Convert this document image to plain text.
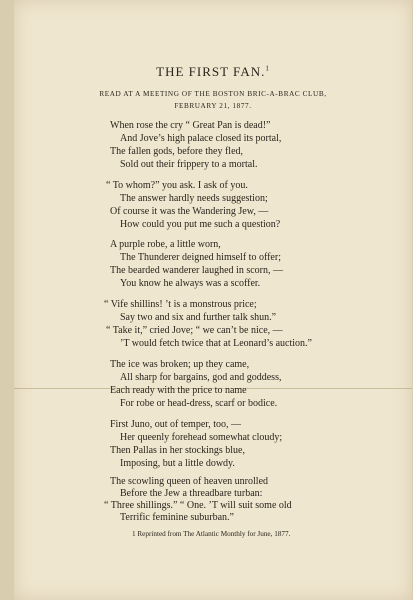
THE FIRST FAN.$^1$
READ AT A MEETING OF THE BOSTON BRIC-A-BRAC CLUB,
FEBRUARY 21, 1877.
When rose the cry “ Great Pan is dead!”
And Jove’s high palace closed its portal,
The fallen gods, before they fled,
Sold out their frippery to a mortal.
“ To whom?” you ask. I ask of you.
The answer hardly needs suggestion;
Of course it was the Wandering Jew, —
How could you put me such a question?
A purple robe, a little worn,
The Thunderer deigned himself to offer;
The bearded wanderer laughed in scorn, —
You know he always was a scoffer.
“ Vife shillins! ’t is a monstrous price;
Say two and six and further talk shun.”
“ Take it,” cried Jove; “ we can’t be nice, —
’T would fetch twice that at Leonard’s auction.”
The ice was broken; up they came,
All sharp for bargains, god and goddess,
Each ready with the price to name
For robe or head-dress, scarf or bodice.
First Juno, out of temper, too, —
Her queenly forehead somewhat cloudy;
Then Pallas in her stockings blue,
Imposing, but a little dowdy.
The scowling queen of heaven unrolled
Before the Jew a threadbare turban:
“ Three shillings.” “ One. ’T will suit some old
Terrific feminine suburban.”
1 Reprinted from The Atlantic Monthly for June, 1877.
